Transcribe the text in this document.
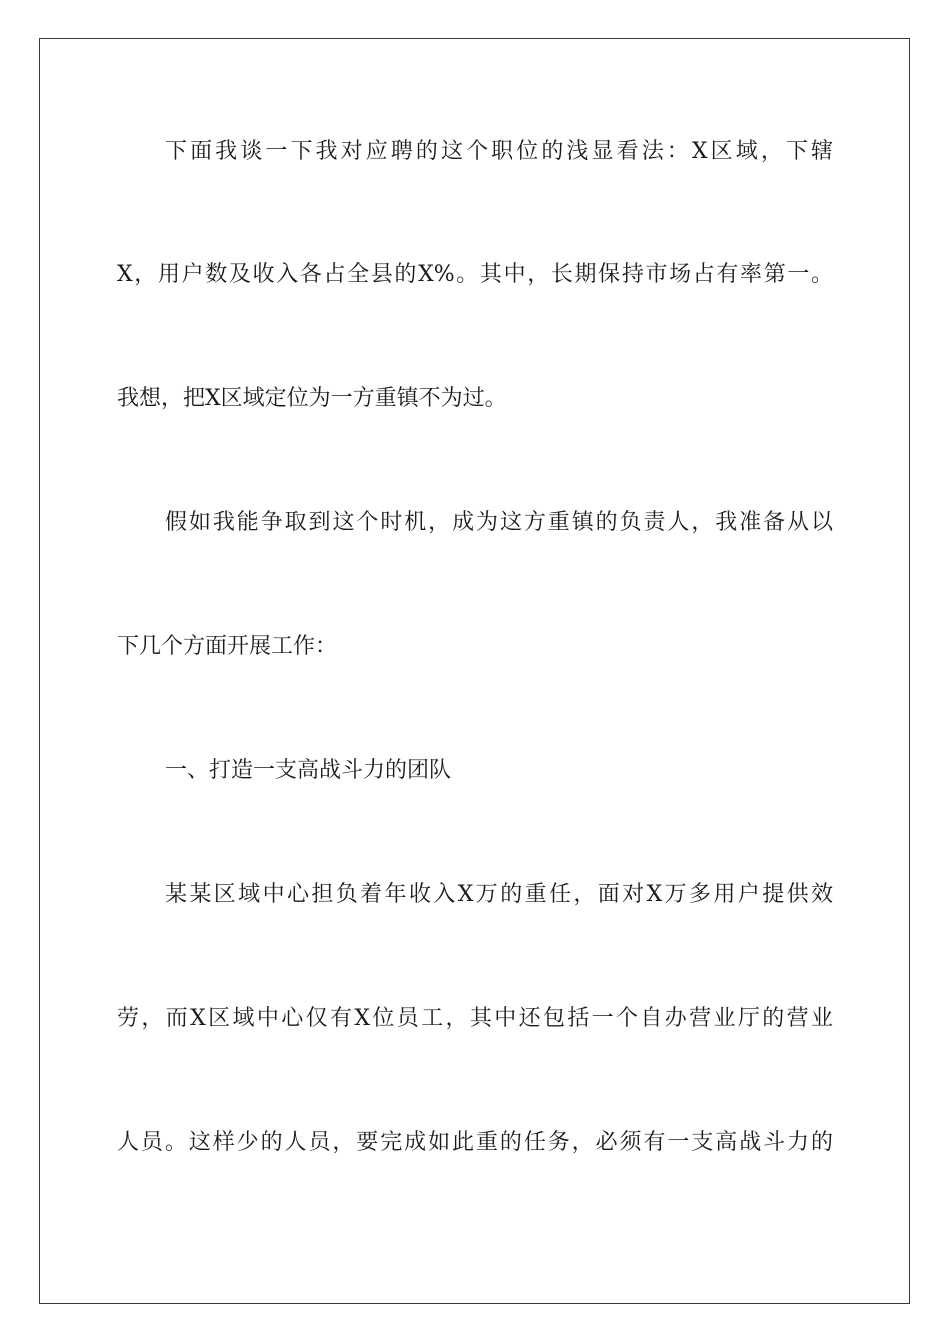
下面我谈一下我对应聘的这个职位的浅显看法：X区域，下辖

X，用户数及收入各占全县的X%。其中，长期保持市场占有率第一。

我想，把X区域定位为一方重镇不为过。

假如我能争取到这个时机，成为这方重镇的负责人，我准备从以

下几个方面开展工作：

一、打造一支高战斗力的团队

某某区域中心担负着年收入X万的重任，面对X万多用户提供效

劳，而X区域中心仅有X位员工，其中还包括一个自办营业厅的营业

人员。这样少的人员，要完成如此重的任务，必须有一支高战斗力的
